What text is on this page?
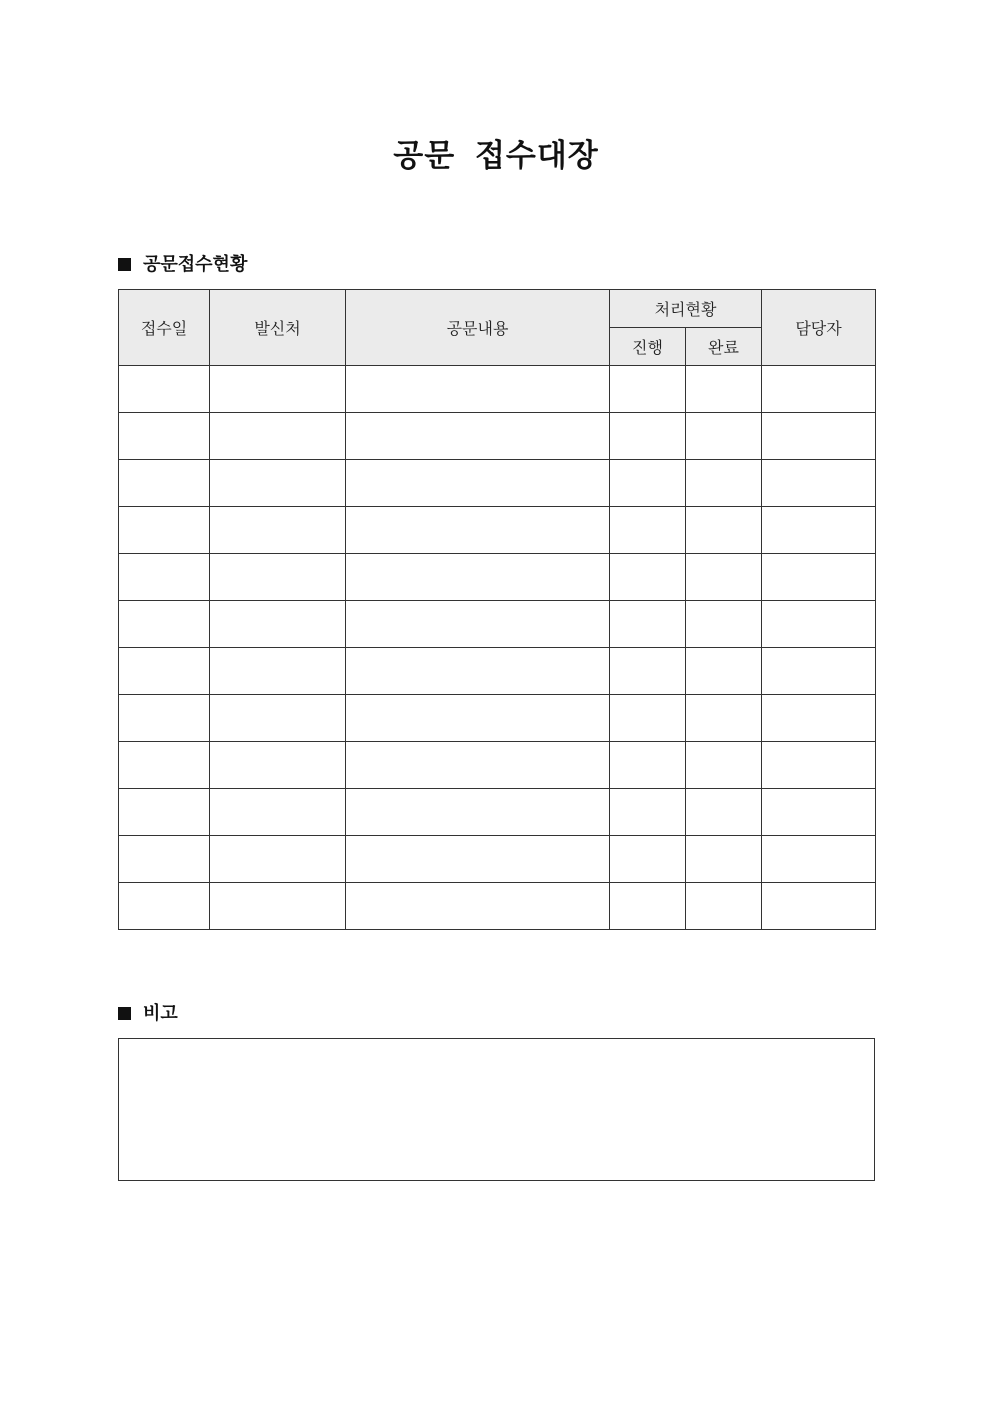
공문 접수대장
공문접수현황
접수일	발신처	공문내용	처리현황		담당자
			진행	완료	

비고
